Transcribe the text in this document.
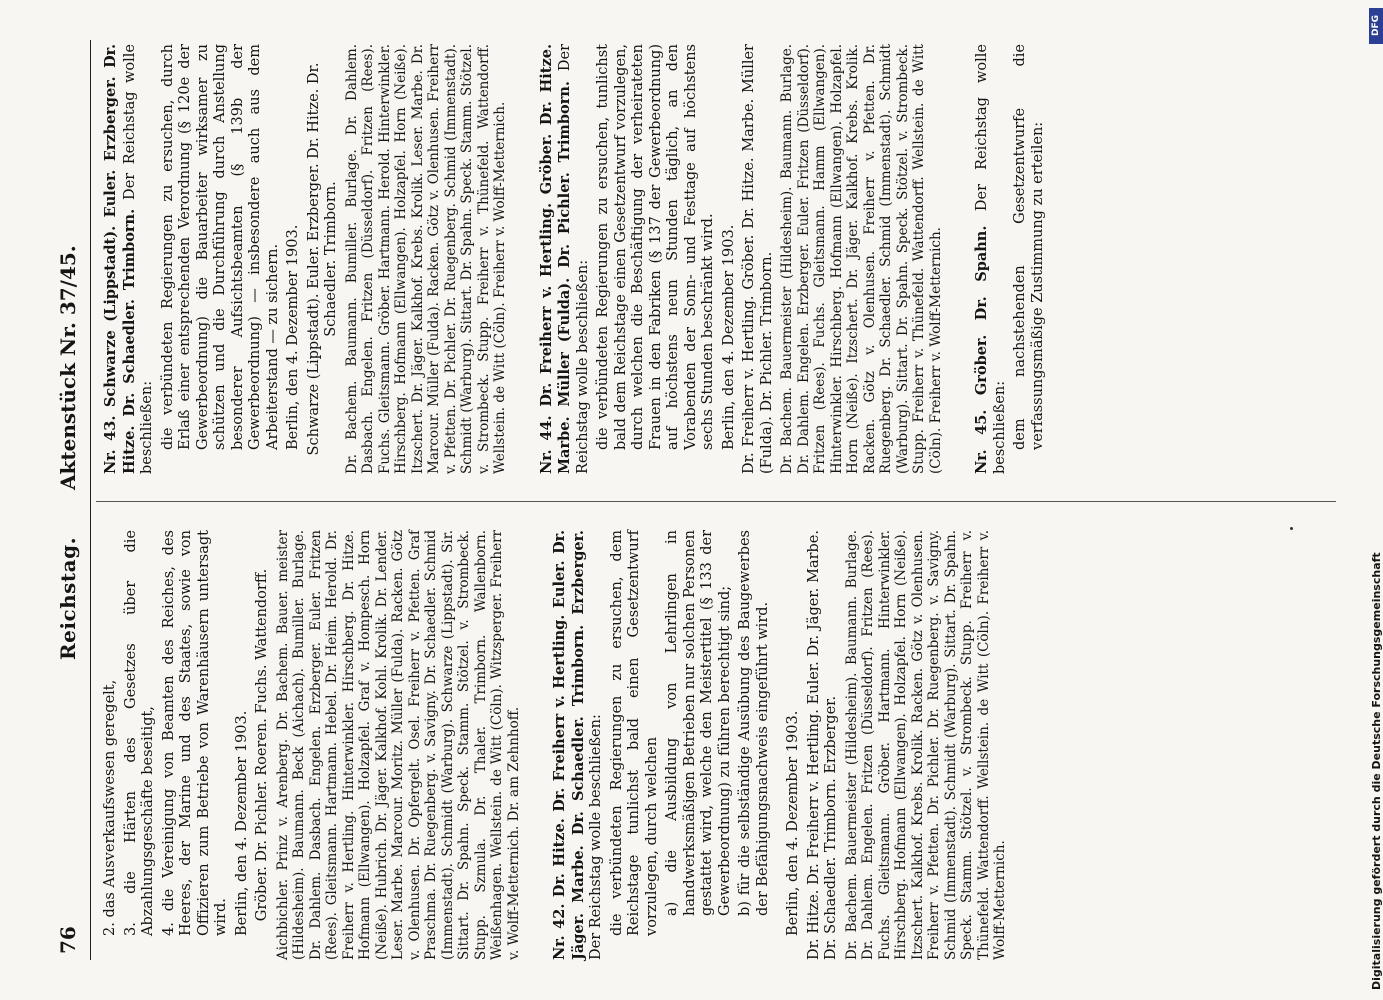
76
Reichstag.
Aktenstück Nr. 37/45.

2. das Ausverkaufswesen geregelt, 3. die Härten des Gesetzes über die Abzahlungsgeschäfte beseitigt, 4. die Vereinigung von Beamten des Reiches, des Heeres, der Marine und des Staates, sowie von Offizieren zum Betriebe von Warenhäusern untersagt wird. Berlin, den 4. Dezember 1903. Gröber. Dr. Pichler. Roeren. Fuchs. Wattendorff. Aichbichler. Prinz v. Arenberg. Dr. Bachem. Bauer. meister (Hildesheim). Baumann. Beck (Aichach). Bumiller. Burlage. Dr. Dahlem. Dasbach. Engelen. Erzberger. Euler. Fritzen (Rees). Gleitsmann. Hartmann. Hebel. Dr. Heim. Herold. Dr. Freiherr v. Hertling. Hinterwinkler. Hirschberg. Dr. Hitze. Hofmann (Ellwangen). Holzapfel. Graf v. Hompesch. Horn (Neiße). Hubrich. Dr. Jäger. Kalkhof. Kohl. Krolik. Dr. Lender. Leser. Marbe. Marcour. Moritz. Müller (Fulda). Racken. Götz v. Olenhusen. Dr. Opfergelt. Osel. Freiherr v. Pfetten. Graf Praschma. Dr. Ruegenberg. v. Savigny. Dr. Schaedler. Schmid (Immenstadt). Schmidt (Warburg). Schwarze (Lippstadt). Sir. Sittart. Dr. Spahn. Speck. Stamm. Stötzel. v. Strombeck. Stupp. Szmula. Dr. Thaler. Trimborn. Wallenborn. Weißenhagen. Wellstein. de Witt (Cöln). Witzsperger. Freiherr v. Wolff-Metternich. Dr. am Zehnhoff. Nr. 42. Dr. Hitze. Dr. Freiherr v. Hertling. Euler. Dr. Jäger. Marbe. Dr. Schaedler. Trimborn. Erzberger. Der Reichstag wolle beschließen: die verbündeten Regierungen zu ersuchen, dem Reichstage tunlichst bald einen Gesetzentwurf vorzulegen, durch welchen a) die Ausbildung von Lehrlingen in handwerksmäßigen Betrieben nur solchen Personen gestattet wird, welche den Meistertitel (§ 133 der Gewerbeordnung) zu führen berechtigt sind; b) für die selbständige Ausübung des Baugewerbes der Befähigungsnachweis eingeführt wird. Berlin, den 4. Dezember 1903. Dr. Hitze. Dr. Freiherr v. Hertling. Euler. Dr. Jäger. Marbe. Dr. Schaedler. Trimborn. Erzberger. Dr. Bachem. Bauermeister (Hildesheim). Baumann. Burlage. Dr. Dahlem. Engelen. Fritzen (Düsseldorf). Fritzen (Rees). Fuchs. Gleitsmann. Gröber. Hartmann. Hinterwinkler. Hirschberg. Hofmann (Ellwangen). Holzapfel. Horn (Neiße). Itzschert. Kalkhof. Krebs. Krolik. Racken. Götz v. Olenhusen. Freiherr v. Pfetten. Dr. Pichler. Dr. Ruegenberg. v. Savigny. Schmid (Immenstadt). Schmidt (Warburg). Sittart. Dr. Spahn. Speck. Stamm. Stötzel. v. Strombeck. Stupp. Freiherr v. Thünefeld. Wattendorff. Wellstein. de Witt (Cöln). Freiherr v. Wolff-Metternich.

Nr. 43. Schwarze (Lippstadt). Euler. Erzberger. Dr. Hitze. Dr. Schaedler. Trimborn. Der Reichstag wolle beschließen: die verbündeten Regierungen zu ersuchen, durch Erlaß einer entsprechenden Verordnung (§ 120e der Gewerbeordnung) die Bauarbeiter wirksamer zu schützen und die Durchführung durch Anstellung besonderer Aufsichtsbeamten (§ 139b der Gewerbeordnung) — insbesondere auch aus dem Arbeiterstand — zu sichern. Berlin, den 4. Dezember 1903. Schwarze (Lippstadt). Euler. Erzberger. Dr. Hitze. Dr. Schaedler. Trimborn. Dr. Bachem. Baumann. Bumiller. Burlage. Dr. Dahlem. Dasbach. Engelen. Fritzen (Düsseldorf). Fritzen (Rees). Fuchs. Gleitsmann. Gröber. Hartmann. Herold. Hinterwinkler. Hirschberg. Hofmann (Ellwangen). Holzapfel. Horn (Neiße). Itzschert. Dr. Jäger. Kalkhof. Krebs. Krolik. Leser. Marbe. Dr. Marcour. Müller (Fulda). Racken. Götz v. Olenhusen. Freiherr v. Pfetten. Dr. Pichler. Dr. Ruegenberg. Schmid (Immenstadt). Schmidt (Warburg). Sittart. Dr. Spahn. Speck. Stamm. Stötzel. v. Strombeck. Stupp. Freiherr v. Thünefeld. Wattendorff. Wellstein. de Witt (Cöln). Freiherr v. Wolff-Metternich. Nr. 44. Dr. Freiherr v. Hertling. Gröber. Dr. Hitze. Marbe. Müller (Fulda). Dr. Pichler. Trimborn. Der Reichstag wolle beschließen: die verbündeten Regierungen zu ersuchen, tunlichst bald dem Reichstage einen Gesetzentwurf vorzulegen, durch welchen die Beschäftigung der verheirateten Frauen in den Fabriken (§ 137 der Gewerbeordnung) auf höchstens neun Stunden täglich, an den Vorabenden der Sonn- und Festtage auf höchstens sechs Stunden beschränkt wird. Berlin, den 4. Dezember 1903. Dr. Freiherr v. Hertling. Gröber. Dr. Hitze. Marbe. Müller (Fulda). Dr. Pichler. Trimborn. Dr. Bachem. Bauermeister (Hildesheim). Baumann. Burlage. Dr. Dahlem. Engelen. Erzberger. Euler. Fritzen (Düsseldorf). Fritzen (Rees). Fuchs. Gleitsmann. Hamm (Ellwangen). Hinterwinkler. Hirschberg. Hofmann (Ellwangen). Holzapfel. Horn (Neiße). Itzschert. Dr. Jäger. Kalkhof. Krebs. Krolik. Racken. Götz v. Olenhusen. Freiherr v. Pfetten. Dr. Ruegenberg. Dr. Schaedler. Schmid (Immenstadt). Schmidt (Warburg). Sittart. Dr. Spahn. Speck. Stötzel. v. Strombeck. Stupp. Freiherr v. Thünefeld. Wattendorff. Wellstein. de Witt (Cöln). Freiherr v. Wolff-Metternich. Nr. 45. Gröber. Dr. Spahn. Der Reichstag wolle beschließen: dem nachstehenden Gesetzentwurfe die verfassungsmäßige Zustimmung zu erteilen:

Digitalisierung gefördert durch die Deutsche Forschungsgemeinschaft
DFG
